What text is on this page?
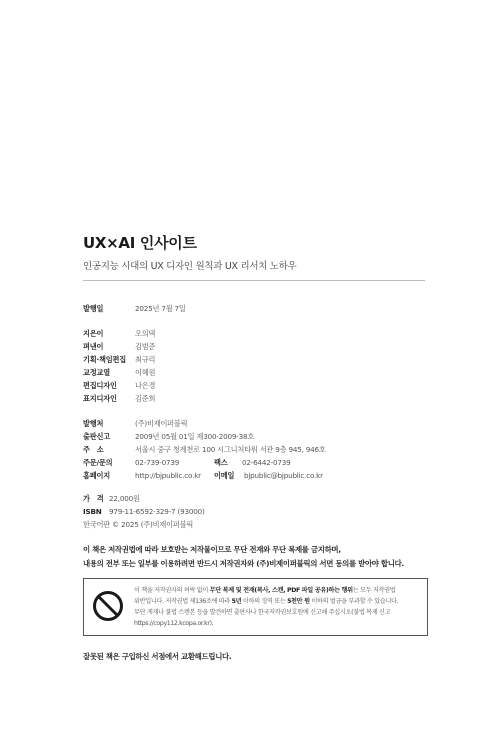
UX×AI 인사이트
인공지능 시대의 UX 디자인 원칙과 UX 리서치 노하우
발행일	2025년 7월 7일
지은이	오의택
펴낸이	김범준
기획·책임편집 최규리
교정교열	이혜원
편집디자인	나은경
표지디자인	김준희
발행처	(주)비제이퍼블릭
출판신고	2009년 05월 01일 제300-2009-38호
주　소	서울시 중구 청계천로 100 시그니처타워 서관 9층 945, 946호
주문/문의	02-739-0739	팩스 02-6442-0739
홈페이지	http://bjpublic.co.kr 이메일 bjpublic@bjpublic.co.kr
가　격 22,000원
ISBN 979-11-6592-329-7 (93000)
한국어판 © 2025 (주)비제이퍼블릭
이 책은 저작권법에 따라 보호받는 저작물이므로 무단 전재와 무단 복제를 금지하며,
내용의 전부 또는 일부를 이용하려면 반드시 저작권자와 (주)비제이퍼블릭의 서면 동의를 받아야 합니다.
이 책을 저작권자의 허락 없이 무단 복제 및 전재(복사, 스캔, PDF 파일 공유)하는 행위는 모두 저작권법
위반입니다. 저작권법 제136조에 따라 5년 이하의 징역 또는 5천만 원 이하의 벌금을 부과할 수 있습니다.
무단 게재나 불법 스캔본 등을 발견하면 출판사나 한국저작권보호원에 신고해 주십시오(불법 복제 신고
https://copy112.kcopa.or.kr).
잘못된 책은 구입하신 서점에서 교환해드립니다.
